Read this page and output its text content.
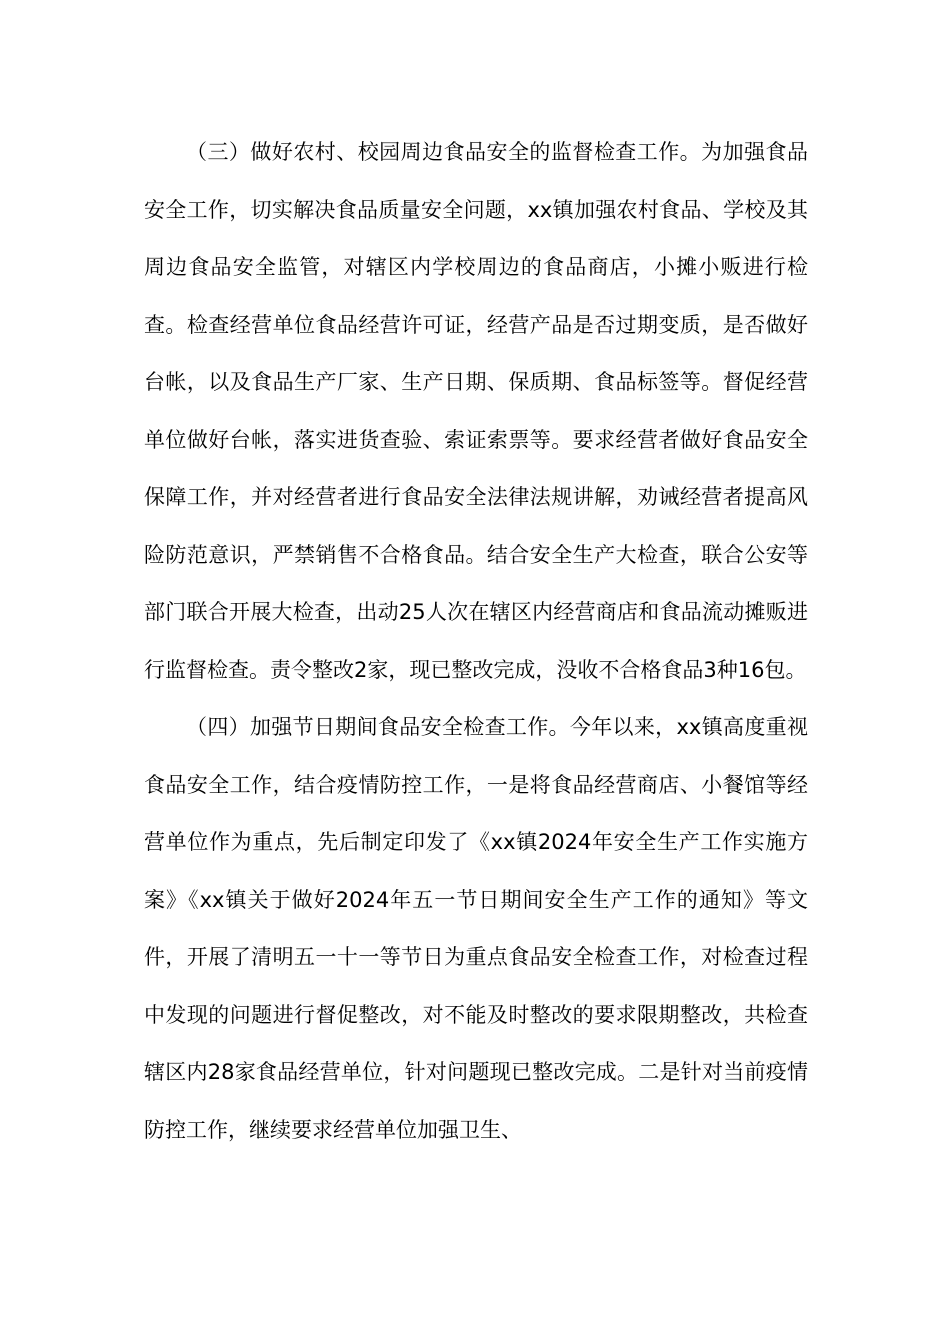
（三）做好农村、校园周边食品安全的监督检查工作。为加强食品安全工作，切实解决食品质量安全问题，xx镇加强农村食品、学校及其周边食品安全监管，对辖区内学校周边的食品商店，小摊小贩进行检查。检查经营单位食品经营许可证，经营产品是否过期变质，是否做好台帐，以及食品生产厂家、生产日期、保质期、食品标签等。督促经营单位做好台帐，落实进货查验、索证索票等。要求经营者做好食品安全保障工作，并对经营者进行食品安全法律法规讲解，劝诫经营者提高风险防范意识，严禁销售不合格食品。结合安全生产大检查，联合公安等部门联合开展大检查，出动25人次在辖区内经营商店和食品流动摊贩进行监督检查。责令整改2家，现已整改完成，没收不合格食品3种16包。

（四）加强节日期间食品安全检查工作。今年以来，xx镇高度重视食品安全工作，结合疫情防控工作，一是将食品经营商店、小餐馆等经营单位作为重点，先后制定印发了《xx镇2024年安全生产工作实施方案》《xx镇关于做好2024年五一节日期间安全生产工作的通知》等文件，开展了清明五一十一等节日为重点食品安全检查工作，对检查过程中发现的问题进行督促整改，对不能及时整改的要求限期整改，共检查辖区内28家食品经营单位，针对问题现已整改完成。二是针对当前疫情防控工作，继续要求经营单位加强卫生、
